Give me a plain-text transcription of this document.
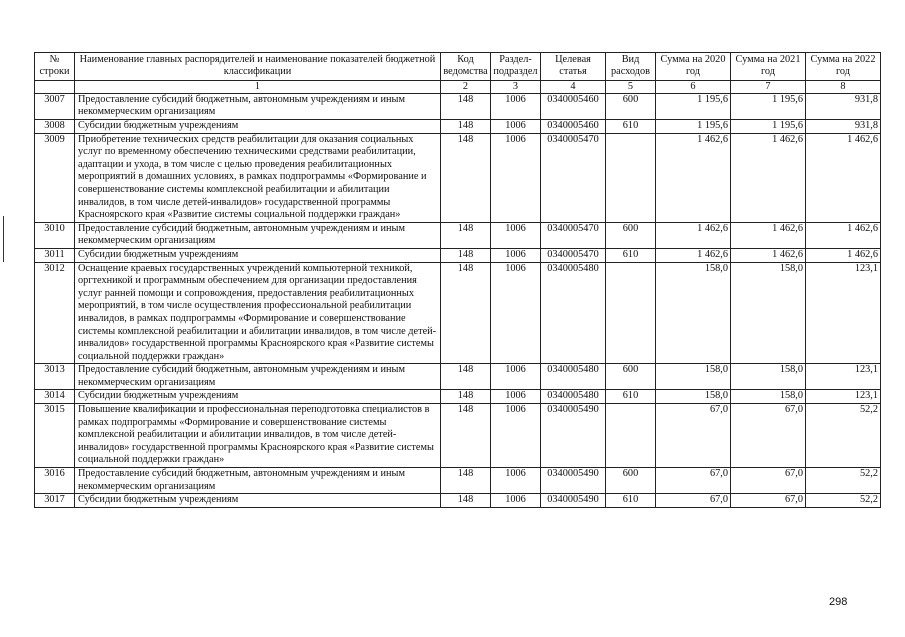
№ строки	Наименование главных распорядителей и наименование показателей бюджетной классификации	Код ведомства	Раздел-подраздел	Целевая статья	Вид расходов	Сумма на 2020 год	Сумма на 2021 год	Сумма на 2022 год
	1	2	3	4	5	6	7	8
3007	Предоставление субсидий бюджетным, автономным учреждениям и иным некоммерческим организациям	148	1006	0340005460	600	1 195,6	1 195,6	931,8
3008	Субсидии бюджетным учреждениям	148	1006	0340005460	610	1 195,6	1 195,6	931,8
3009	Приобретение технических средств реабилитации для оказания социальных услуг по временному обеспечению техническими средствами реабилитации, адаптации и ухода, в том числе с целью проведения реабилитационных мероприятий в домашних условиях, в рамках подпрограммы «Формирование и совершенствование системы комплексной реабилитации и абилитации инвалидов, в том числе детей-инвалидов» государственной программы Красноярского края «Развитие системы социальной поддержки граждан»	148	1006	0340005470		1 462,6	1 462,6	1 462,6
3010	Предоставление субсидий бюджетным, автономным учреждениям и иным некоммерческим организациям	148	1006	0340005470	600	1 462,6	1 462,6	1 462,6
3011	Субсидии бюджетным учреждениям	148	1006	0340005470	610	1 462,6	1 462,6	1 462,6
3012	Оснащение краевых государственных учреждений компьютерной техникой, оргтехникой и программным обеспечением для организации предоставления услуг ранней помощи и сопровождения, предоставления реабилитационных мероприятий, в том числе осуществления профессиональной реабилитации инвалидов, в рамках подпрограммы «Формирование и совершенствование системы комплексной реабилитации и абилитации инвалидов, в том числе детей-инвалидов» государственной программы Красноярского края «Развитие системы социальной поддержки граждан»	148	1006	0340005480		158,0	158,0	123,1
3013	Предоставление субсидий бюджетным, автономным учреждениям и иным некоммерческим организациям	148	1006	0340005480	600	158,0	158,0	123,1
3014	Субсидии бюджетным учреждениям	148	1006	0340005480	610	158,0	158,0	123,1
3015	Повышение квалификации и профессиональная переподготовка специалистов в рамках подпрограммы «Формирование и совершенствование системы комплексной реабилитации и абилитации инвалидов, в том числе детей-инвалидов» государственной программы Красноярского края «Развитие системы социальной поддержки граждан»	148	1006	0340005490		67,0	67,0	52,2
3016	Предоставление субсидий бюджетным, автономным учреждениям и иным некоммерческим организациям	148	1006	0340005490	600	67,0	67,0	52,2
3017	Субсидии бюджетным учреждениям	148	1006	0340005490	610	67,0	67,0	52,2
298
